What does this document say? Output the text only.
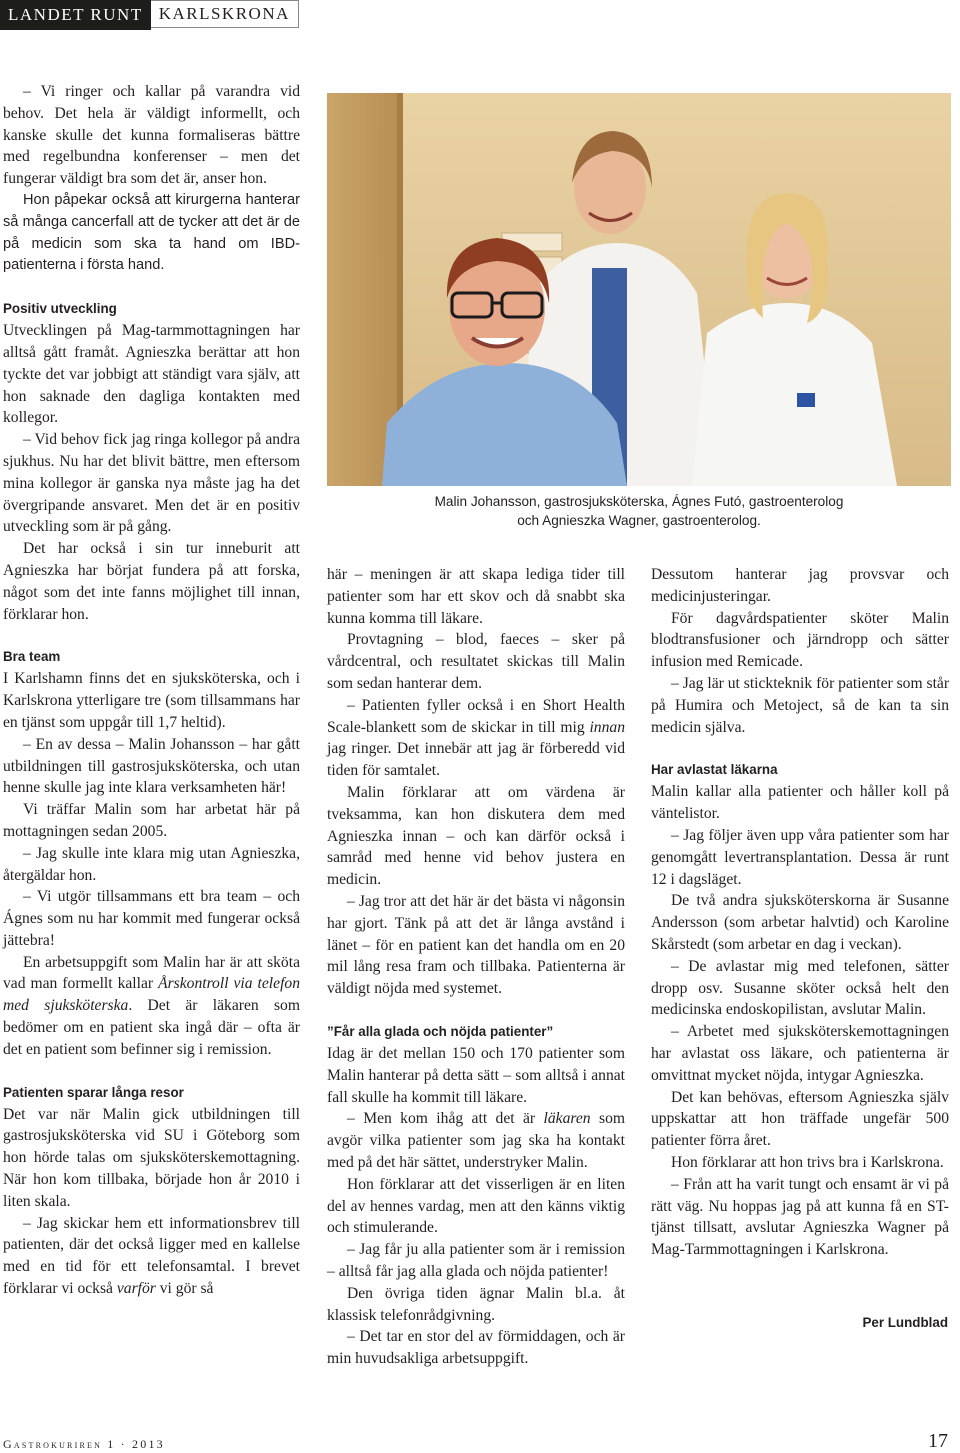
LANDET RUNT KARLSKRONA

– Vi ringer och kallar på varandra vid behov. Det hela är väldigt informellt, och kanske skulle det kunna formaliseras bättre med regelbundna konferenser – men det fungerar väldigt bra som det är, anser hon.

Hon påpekar också att kirurgerna hanterar så många cancerfall att de tycker att det är de på medicin som ska ta hand om IBD-patienterna i första hand.

Positiv utveckling

Utvecklingen på Mag-tarmmottagningen har alltså gått framåt. Agnieszka berättar att hon tyckte det var jobbigt att ständigt vara själv, att hon saknade den dagliga kontakten med kollegor.

– Vid behov fick jag ringa kollegor på andra sjukhus. Nu har det blivit bättre, men eftersom mina kollegor är ganska nya måste jag ha det övergripande ansvaret. Men det är en positiv utveckling som är på gång.

Det har också i sin tur inneburit att Agnieszka har börjat fundera på att forska, något som det inte fanns möjlighet till innan, förklarar hon.

Bra team

I Karlshamn finns det en sjuksköterska, och i Karlskrona ytterligare tre (som tillsammans har en tjänst som uppgår till 1,7 heltid).

– En av dessa – Malin Johansson – har gått utbildningen till gastrosjuksköterska, och utan henne skulle jag inte klara verksamheten här!

Vi träffar Malin som har arbetat här på mottagningen sedan 2005.

– Jag skulle inte klara mig utan Agnieszka, återgäldar hon.

– Vi utgör tillsammans ett bra team – och Ágnes som nu har kommit med fungerar också jättebra!

En arbetsuppgift som Malin har är att sköta vad man formellt kallar Årskontroll via telefon med sjuksköterska. Det är läkaren som bedömer om en patient ska ingå där – ofta är det en patient som befinner sig i remission.

Patienten sparar långa resor

Det var när Malin gick utbildningen till gastrosjuksköterska vid SU i Göteborg som hon hörde talas om sjuksköterskemottagning. När hon kom tillbaka, började hon år 2010 i liten skala.

– Jag skickar hem ett informationsbrev till patienten, där det också ligger med en kallelse med en tid för ett telefonsamtal. I brevet förklarar vi också varför vi gör så

Malin Johansson, gastrosjuksköterska, Ágnes Futó, gastroenterolog
och Agnieszka Wagner, gastroenterolog.

här – meningen är att skapa lediga tider till patienter som har ett skov och då snabbt ska kunna komma till läkare.

Provtagning – blod, faeces – sker på vårdcentral, och resultatet skickas till Malin som sedan hanterar dem.

– Patienten fyller också i en Short Health Scale-blankett som de skickar in till mig innan jag ringer. Det innebär att jag är förberedd vid tiden för samtalet.

Malin förklarar att om värdena är tveksamma, kan hon diskutera dem med Agnieszka innan – och kan därför också i samråd med henne vid behov justera en medicin.

– Jag tror att det här är det bästa vi någonsin har gjort. Tänk på att det är långa avstånd i länet – för en patient kan det handla om en 20 mil lång resa fram och tillbaka. Patienterna är väldigt nöjda med systemet.

”Får alla glada och nöjda patienter”

Idag är det mellan 150 och 170 patienter som Malin hanterar på detta sätt – som alltså i annat fall skulle ha kommit till läkare.

– Men kom ihåg att det är läkaren som avgör vilka patienter som jag ska ha kontakt med på det här sättet, understryker Malin.

Hon förklarar att det visserligen är en liten del av hennes vardag, men att den känns viktig och stimulerande.

– Jag får ju alla patienter som är i remission – alltså får jag alla glada och nöjda patienter!

Den övriga tiden ägnar Malin bl.a. åt klassisk telefonrådgivning.

– Det tar en stor del av förmiddagen, och är min huvudsakliga arbetsuppgift.

Dessutom hanterar jag provsvar och medicinjusteringar.

För dagvårdspatienter sköter Malin blodtransfusioner och järndropp och sätter infusion med Remicade.

– Jag lär ut stickteknik för patienter som står på Humira och Metoject, så de kan ta sin medicin själva.

Har avlastat läkarna

Malin kallar alla patienter och håller koll på väntelistor.

– Jag följer även upp våra patienter som har genomgått levertransplantation. Dessa är runt 12 i dagsläget.

De två andra sjuksköterskorna är Susanne Andersson (som arbetar halvtid) och Karoline Skårstedt (som arbetar en dag i veckan).

– De avlastar mig med telefonen, sätter dropp osv. Susanne sköter också helt den medicinska endoskopilistan, avslutar Malin.

– Arbetet med sjuksköterskemottagningen har avlastat oss läkare, och patienterna är omvittnat mycket nöjda, intygar Agnieszka.

Det kan behövas, eftersom Agnieszka själv uppskattar att hon träffade ungefär 500 patienter förra året.

Hon förklarar att hon trivs bra i Karlskrona.

– Från att ha varit tungt och ensamt är vi på rätt väg. Nu hoppas jag på att kunna få en ST-tjänst tillsatt, avslutar Agnieszka Wagner på Mag-Tarmmottagningen i Karlskrona.

Per Lundblad
Gastrokuriren 1 · 2013	17
